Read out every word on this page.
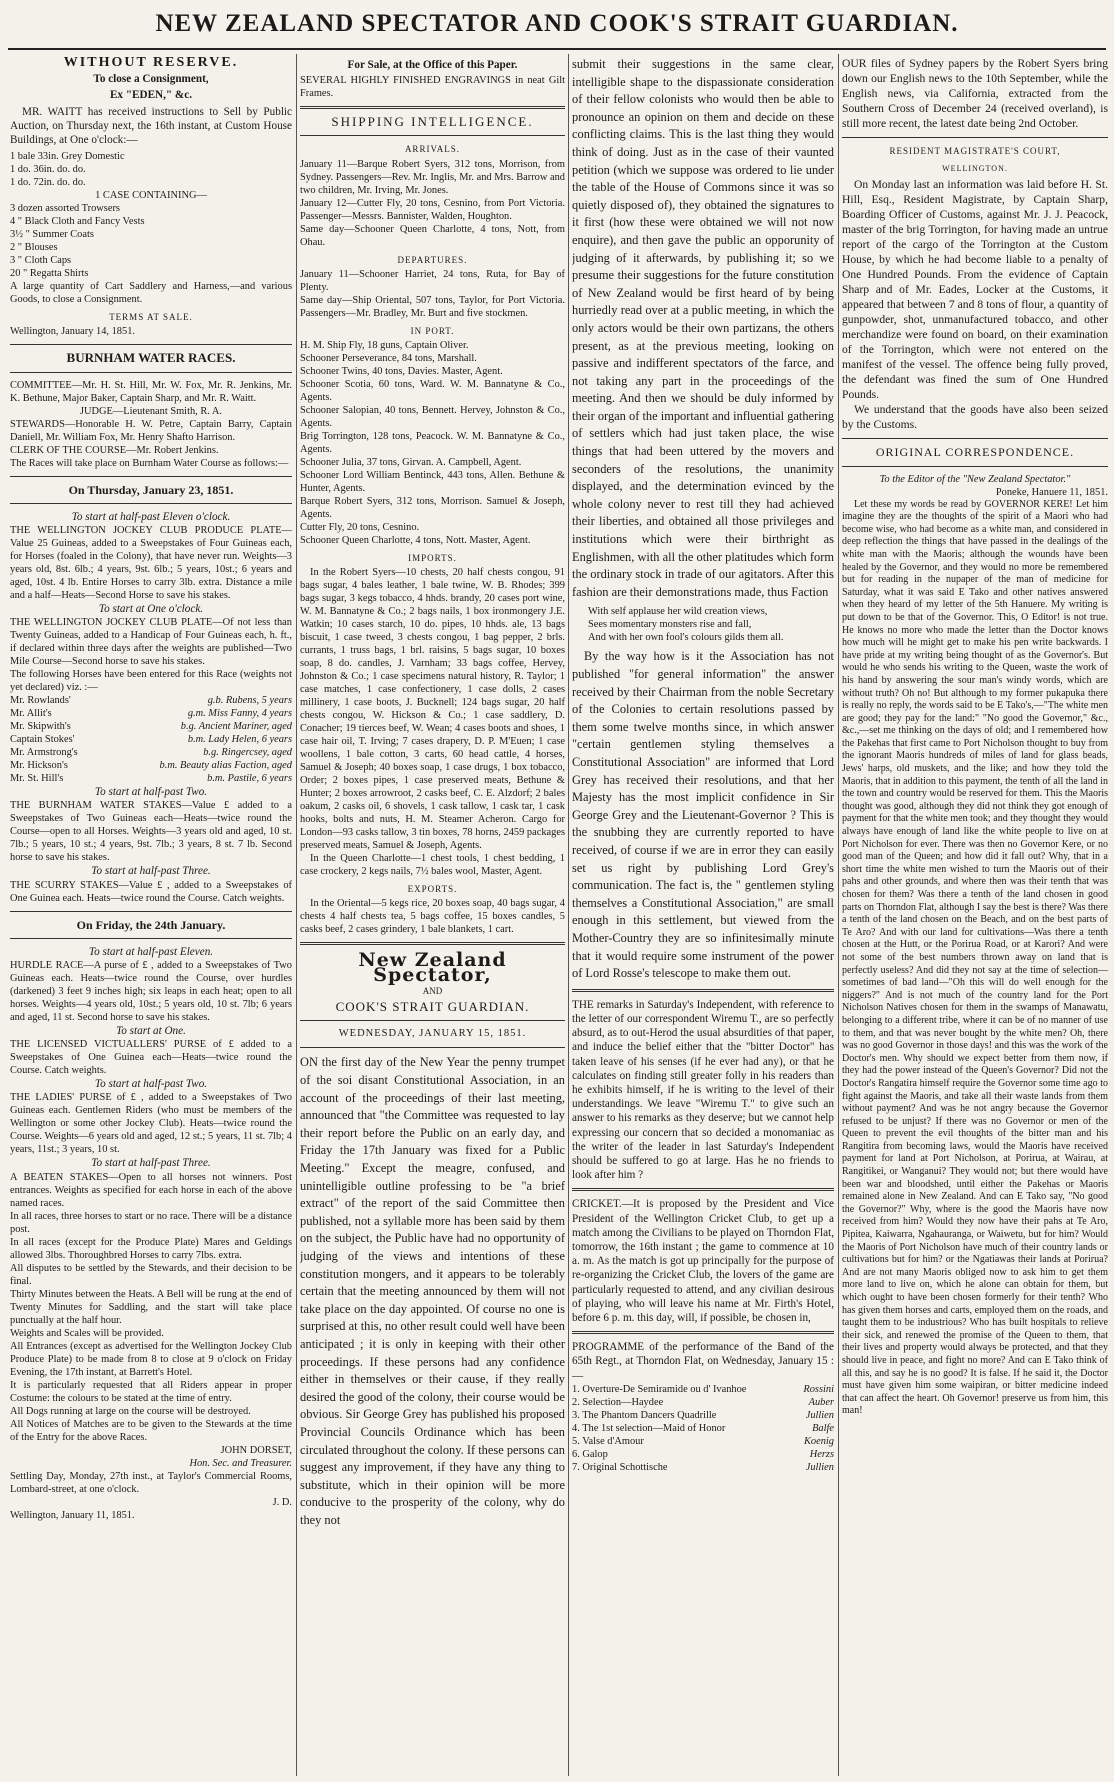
NEW ZEALAND SPECTATOR AND COOK'S STRAIT GUARDIAN.
WITHOUT RESERVE.
To close a Consignment,
Ex "EDEN," &c.

MR. WAITT has received instructions to Sell by Public Auction, on Thursday next, the 16th instant, at Custom House Buildings, at One o'clock:—

1 bale 33in. Grey Domestic
1 do. 36in. do. do.
1 do. 72in. do. do.
1 CASE CONTAINING—
3 dozen assorted Trowsers
4 " Black Cloth and Fancy Vests
3½ " Summer Coats
2 " Blouses
3 " Cloth Caps
20 " Regatta Shirts
A large quantity of Cart Saddlery and Harness,—and various Goods, to close a Consignment.
TERMS AT SALE.
Wellington, January 14, 1851.
BURNHAM WATER RACES.
COMMITTEE—Mr. H. St. Hill, Mr. W. Fox, Mr. R. Jenkins, Mr. K. Bethune, Major Baker, Captain Sharp, and Mr. R. Waitt.
JUDGE—Lieutenant Smith, R. A.
STEWARDS—Honorable H. W. Petre, Captain Barry, Captain Daniell, Mr. William Fox, Mr. Henry Shafto Harrison.
CLERK OF THE COURSE—Mr. Robert Jenkins.
The Races will take place on Burnham Water Course as follows:—
On Thursday, January 23, 1851.
To start at half-past Eleven o'clock.
THE WELLINGTON JOCKEY CLUB PRODUCE PLATE—Value 25 Guineas, added to a Sweepstakes of Four Guineas each, for Horses (foaled in the Colony), that have never run. Weights—3 years old, 8st. 6lb.; 4 years, 9st. 6lb.; 5 years, 10st.; 6 years and aged, 10st. 4 lb. Entire Horses to carry 3lb. extra. Distance a mile and a half—Heats—Second Horse to save his stakes.
To start at One o'clock.
THE WELLINGTON JOCKEY CLUB PLATE—Of not less than Twenty Guineas, added to a Handicap of Four Guineas each, h. ft., if declared within three days after the weights are published—Two Mile Course—Second horse to save his stakes.
The following Horses have been entered for this Race (weights not yet declared) viz. :—
Mr. Rowlands'	g.b. Rubens, 5 years
Mr. Allit's	g.m. Miss Fanny, 4 years
Mr. Skipwith's	b.g. Ancient Mariner, aged
Captain Stokes'	b.m. Lady Helen, 6 years
Mr. Armstrong's	b.g. Ringercsey, aged
Mr. Hickson's	b.m. Beauty alias Faction, aged
Mr. St. Hill's	b.m. Pastile, 6 years
To start at half-past Two.
THE BURNHAM WATER STAKES—Value £ added to a Sweepstakes of Two Guineas each—Heats—twice round the Course—open to all Horses. Weights—3 years old and aged, 10 st. 7lb.; 5 years, 10 st.; 4 years, 9st. 7lb.; 3 years, 8 st. 7 lb. Second horse to save his stakes.
To start at half-past Three.
THE SCURRY STAKES—Value £ , added to a Sweepstakes of One Guinea each. Heats—twice round the Course. Catch weights.
On Friday, the 24th January.
To start at half-past Eleven.
HURDLE RACE—A purse of £ , added to a Sweepstakes of Two Guineas each. Heats—twice round the Course, over hurdles (darkened) 3 feet 9 inches high; six leaps in each heat; open to all horses. Weights—4 years old, 10st.; 5 years old, 10 st. 7lb; 6 years and aged, 11 st. Second horse to save his stakes.
To start at One.
THE LICENSED VICTUALLERS' PURSE of £ added to a Sweepstakes of One Guinea each—Heats—twice round the Course. Catch weights.
To start at half-past Two.
THE LADIES' PURSE of £ , added to a Sweepstakes of Two Guineas each. Gentlemen Riders (who must be members of the Wellington or some other Jockey Club). Heats—twice round the Course. Weights—6 years old and aged, 12 st.; 5 years, 11 st. 7lb; 4 years, 11st.; 3 years, 10 st.
To start at half-past Three.
A BEATEN STAKES—Open to all horses not winners. Post entrances. Weights as specified for each horse in each of the above named races.
In all races, three horses to start or no race. There will be a distance post.
In all races (except for the Produce Plate) Mares and Geldings allowed 3lbs. Thoroughbred Horses to carry 7lbs. extra.
All disputes to be settled by the Stewards, and their decision to be final.
Thirty Minutes between the Heats. A Bell will be rung at the end of Twenty Minutes for Saddling, and the start will take place punctually at the half hour.
Weights and Scales will be provided.
All Entrances (except as advertised for the Wellington Jockey Club Produce Plate) to be made from 8 to close at 9 o'clock on Friday Evening, the 17th instant, at Barrett's Hotel.
It is particularly requested that all Riders appear in proper Costume: the colours to be stated at the time of entry.
All Dogs running at large on the course will be destroyed.
All Notices of Matches are to be given to the Stewards at the time of the Entry for the above Races.
JOHN DORSET,
Hon. Sec. and Treasurer.
Settling Day, Monday, 27th inst., at Taylor's Commercial Rooms, Lombard-street, at one o'clock.
J. D.
Wellington, January 11, 1851.
For Sale, at the Office of this Paper.
SEVERAL HIGHLY FINISHED ENGRAVINGS in neat Gilt Frames.
SHIPPING INTELLIGENCE.
ARRIVALS.
January 11—Barque Robert Syers, 312 tons, Morrison, from Sydney. Passengers—Rev. Mr. Inglis, Mr. and Mrs. Barrow and two children, Mr. Irving, Mr. Jones.
January 12—Cutter Fly, 20 tons, Cesnino, from Port Victoria. Passenger—Messrs. Bannister, Walden, Houghton.
Same day—Schooner Queen Charlotte, 4 tons, Nott, from Ohau.
DEPARTURES.
January 11—Schooner Harriet, 24 tons, Ruta, for Bay of Plenty.
Same day—Ship Oriental, 507 tons, Taylor, for Port Victoria. Passengers—Mr. Bradley, Mr. Burt and five stockmen.
IN PORT.
H. M. Ship Fly, 18 guns, Captain Oliver.
Schooner Perseverance, 84 tons, Marshall.
Schooner Twins, 40 tons, Davies. Master, Agent.
Schooner Scotia, 60 tons, Ward. W. M. Bannatyne & Co., Agents.
Schooner Salopian, 40 tons, Bennett. Hervey, Johnston & Co., Agents.
Brig Torrington, 128 tons, Peacock. W. M. Bannatyne & Co., Agents.
Schooner Julia, 37 tons, Girvan. A. Campbell, Agent.
Schooner Lord William Bentinck, 443 tons, Allen. Bethune & Hunter, Agents.
Barque Robert Syers, 312 tons, Morrison. Samuel & Joseph, Agents.
Cutter Fly, 20 tons, Cesnino.
Schooner Queen Charlotte, 4 tons, Nott. Master, Agent.
IMPORTS.
In the Robert Syers—10 chests, 20 half chests congou, 91 bags sugar, 4 bales leather, 1 bale twine, W. B. Rhodes; 399 bags sugar, 3 kegs tobacco, 4 hhds. brandy, 20 cases port wine, W. M. Bannatyne & Co.; 2 bags nails, 1 box ironmongery J.E. Watkin; 10 cases starch, 10 do. pipes, 10 hhds. ale, 13 bags biscuit, 1 case tweed, 3 chests congou, 1 bag pepper, 2 brls. currants, 1 truss bags, 1 brl. raisins, 5 bags sugar, 10 boxes soap, 8 do. candles, J. Varnham; 33 bags coffee, Hervey, Johnston & Co.; 1 case specimens natural history, R. Taylor; 1 case matches, 1 case confectionery, 1 case dolls, 2 cases millinery, 1 case boots, J. Bucknell; 124 bags sugar, 20 half chests congou, W. Hickson & Co.; 1 case saddlery, D. Conacher; 19 tierces beef, W. Wean; 4 cases boots and shoes, 1 case hair oil, T. Irving; 7 cases drapery, D. P. M'Euen; 1 case woollens, 1 bale cotton, 3 carts, 60 head cattle, 4 horses, Samuel & Joseph; 40 boxes soap, 1 case drugs, 1 box tobacco, Order; 2 boxes pipes, 1 case preserved meats, Bethune & Hunter; 2 boxes arrowroot, 2 casks beef, C. E. Alzdorf; 2 bales oakum, 2 casks oil, 6 shovels, 1 cask tallow, 1 cask tar, 1 cask hooks, bolts and nuts, H. M. Steamer Acheron. Cargo for London—93 casks tallow, 3 tin boxes, 78 horns, 2459 packages preserved meats, Samuel & Joseph, Agents.
In the Queen Charlotte—1 chest tools, 1 chest bedding, 1 case crockery, 2 kegs nails, 7½ bales wool, Master, Agent.
EXPORTS.
In the Oriental—5 kegs rice, 20 boxes soap, 40 bags sugar, 4 chests 4 half chests tea, 5 bags coffee, 15 boxes candles, 5 casks beef, 2 cases grindery, 1 bale blankets, 1 cart.
New Zealand Spectator,
AND
COOK'S STRAIT GUARDIAN.
WEDNESDAY, JANUARY 15, 1851.
ON the first day of the New Year the penny trumpet of the soi disant Constitutional Association, in an account of the proceedings of their last meeting, announced that "the Committee was requested to lay their report before the Public on an early day, and Friday the 17th January was fixed for a Public Meeting." Except the meagre, confused, and unintelligible outline professing to be "a brief extract" of the report of the said Committee then published, not a syllable more has been said by them on the subject, the Public have had no opportunity of judging of the views and intentions of these constitution mongers, and it appears to be tolerably certain that the meeting announced by them will not take place on the day appointed. Of course no one is surprised at this, no other result could well have been anticipated ; it is only in keeping with their other proceedings. If these persons had any confidence either in themselves or their cause, if they really desired the good of the colony, their course would be obvious. Sir George Grey has published his proposed Provincial Councils Ordinance which has been circulated throughout the colony. If these persons can suggest any improvement, if they have any thing to substitute, which in their opinion will be more conducive to the prosperity of the colony, why do they not
submit their suggestions in the same clear, intelligible shape to the dispassionate consideration of their fellow colonists who would then be able to pronounce an opinion on them and decide on these conflicting claims. This is the last thing they would think of doing. Just as in the case of their vaunted petition (which we suppose was ordered to lie under the table of the House of Commons since it was so quietly disposed of), they obtained the signatures to it first (how these were obtained we will not now enquire), and then gave the public an opporunity of judging of it afterwards, by publishing it; so we presume their suggestions for the future constitution of New Zealand would be first heard of by being hurriedly read over at a public meeting, in which the only actors would be their own partizans, the others present, as at the previous meeting, looking on passive and indifferent spectators of the farce, and not taking any part in the proceedings of the meeting. And then we should be duly informed by their organ of the important and influential gathering of settlers which had just taken place, the wise things that had been uttered by the movers and seconders of the resolutions, the unanimity displayed, and the determination evinced by the whole colony never to rest till they had achieved their liberties, and obtained all those privileges and institutions which were their birthright as Englishmen, with all the other platitudes which form the ordinary stock in trade of our agitators. After this fashion are their demonstrations made, thus Faction
With self applause her wild creation views,
Sees momentary monsters rise and fall,
And with her own fool's colours gilds them all.
By the way how is it the Association has not published "for general information" the answer received by their Chairman from the noble Secretary of the Colonies to certain resolutions passed by them some twelve months since, in which answer "certain gentlemen styling themselves a Constitutional Association" are informed that Lord Grey has received their resolutions, and that her Majesty has the most implicit confidence in Sir George Grey and the Lieutenant-Governor ? This is the snubbing they are currently reported to have received, of course if we are in error they can easily set us right by publishing Lord Grey's communication. The fact is, the " gentlemen styling themselves a Constitutional Association," are small enough in this settlement, but viewed from the Mother-Country they are so infinitesimally minute that it would require some instrument of the power of Lord Rosse's telescope to make them out.
THE remarks in Saturday's Independent, with reference to the letter of our correspondent Wiremu T., are so perfectly absurd, as to out-Herod the usual absurdities of that paper, and induce the belief either that the "bitter Doctor" has taken leave of his senses (if he ever had any), or that he calculates on finding still greater folly in his readers than he exhibits himself, if he is writing to the level of their understandings. We leave "Wiremu T." to give such an answer to his remarks as they deserve; but we cannot help expressing our concern that so decided a monomaniac as the writer of the leader in last Saturday's Independent should be suffered to go at large. Has he no friends to look after him ?
CRICKET.—It is proposed by the President and Vice President of the Wellington Cricket Club, to get up a match among the Civilians to be played on Thorndon Flat, tomorrow, the 16th instant ; the game to commence at 10 a. m. As the match is got up principally for the purpose of re-organizing the Cricket Club, the lovers of the game are particularly requested to attend, and any civilian desirous of playing, who will leave his name at Mr. Firth's Hotel, before 6 p. m. this day, will, if possible, be chosen in,
PROGRAMME of the performance of the Band of the 65th Regt., at Thorndon Flat, on Wednesday, January 15 :—
1. Overture-De Semiramide ou d' Ivanhoe	Rossini
2. Selection—Haydee	Auber
3. The Phantom Dancers Quadrille	Jullien
4. The 1st selection—Maid of Honor	Balfe
5. Valse d'Amour	Koenig
6. Galop	Herzs
7. Original Schottische	Jullien
OUR files of Sydney papers by the Robert Syers bring down our English news to the 10th September, while the English news, via California, extracted from the Southern Cross of December 24 (received overland), is still more recent, the latest date being 2nd October.
RESIDENT MAGISTRATE'S COURT,
WELLINGTON.
On Monday last an information was laid before H. St. Hill, Esq., Resident Magistrate, by Captain Sharp, Boarding Officer of Customs, against Mr. J. J. Peacock, master of the brig Torrington, for having made an untrue report of the cargo of the Torrington at the Custom House, by which he had become liable to a penalty of One Hundred Pounds. From the evidence of Captain Sharp and of Mr. Eades, Locker at the Customs, it appeared that between 7 and 8 tons of flour, a quantity of gunpowder, shot, unmanufactured tobacco, and other merchandize were found on board, on their examination of the Torrington, which were not entered on the manifest of the vessel. The offence being fully proved, the defendant was fined the sum of One Hundred Pounds.
We understand that the goods have also been seized by the Customs.
ORIGINAL CORRESPONDENCE.
To the Editor of the "New Zealand Spectator."
Poneke, Hanuere 11, 1851.
Let these my words be read by GOVERNOR KERE! Let him imagine they are the thoughts of the spirit of a Maori who had become wise, who had become as a white man, and considered in deep reflection the things that have passed in the dealings of the white man with the Maoris; although the wounds have been healed by the Governor, and they would no more be remembered but for reading in the nupaper of the man of medicine for Saturday, what it was said E Tako and other natives answered when they heard of my letter of the 5th Hanuere. My writing is put down to be that of the Governor. This, O Editor! is not true. He knows no more who made the letter than the Doctor knows how much will he might get to make his pen write backwards. I have pride at my writing being thought of as the Governor's. But would he who sends his writing to the Queen, waste the work of his hand by answering the sour man's windy words, which are without truth? Oh no! But although to my former pukapuka there is really no reply, the words said to be E Tako's,—"The white men are good; they pay for the land:" "No good the Governor," &c., &c.,—set me thinking on the days of old; and I remembered how the Pakehas that first came to Port Nicholson thought to buy from the ignorant Maoris hundreds of miles of land for glass beads, Jews' harps, old muskets, and the like; and how they told the Maoris, that in addition to this payment, the tenth of all the land in the town and country would be reserved for them. This the Maoris thought was good, although they did not think they got enough of payment for that the white men took; and they thought they would always have enough of land like the white people to live on at Port Nicholson for ever. There was then no Governor Kere, or no good man of the Queen; and how did it fall out? Why, that in a short time the white men wished to turn the Maoris out of their pahs and other grounds, and where then was their tenth that was chosen for them? Was there a tenth of the land chosen in good parts on Thorndon Flat, although I say the best is there? Was there a tenth of the land chosen on the Beach, and on the best parts of Te Aro? And with our land for cultivations—Was there a tenth chosen at the Hutt, or the Porirua Road, or at Karori? And were not some of the best numbers thrown away on land that is perfectly useless? And did they not say at the time of selection—sometimes of bad land—"Oh this will do well enough for the niggers?" And is not much of the country land for the Port Nicholson Natives chosen for them in the swamps of Manawatu, belonging to a different tribe, where it can be of no manner of use to them, and that was never bought by the white men? Oh, there was no good Governor in those days! and this was the work of the Doctor's men. Why should we expect better from them now, if they had the power instead of the Queen's Governor? Did not the Doctor's Rangatira himself require the Governor some time ago to fight against the Maoris, and take all their waste lands from them without payment? And was he not angry because the Governor refused to be unjust? If there was no Governor or men of the Queen to prevent the evil thoughts of the bitter man and his Rangitira from becoming laws, would the Maoris have received payment for land at Port Nicholson, at Porirua, at Wairau, at Rangitikei, or Wanganui? They would not; but there would have been war and bloodshed, until either the Pakehas or Maoris remained alone in New Zealand. And can E Tako say, "No good the Governor?" Why, where is the good the Maoris have now received from him? Would they now have their pahs at Te Aro, Pipitea, Kaiwarra, Ngahauranga, or Waiwetu, but for him? Would the Maoris of Port Nicholson have much of their country lands or cultivations but for him? or the Ngatiawas their lands at Porirua? And are not many Maoris obliged now to ask him to get them more land to live on, which he alone can obtain for them, but which ought to have been chosen formerly for their tenth? Who has given them horses and carts, employed them on the roads, and taught them to be industrious? Who has built hospitals to relieve their sick, and renewed the promise of the Queen to them, that their lives and property would always be protected, and that they should live in peace, and fight no more? And can E Tako think of all this, and say he is no good? It is false. If he said it, the Doctor must have given him some waipiran, or bitter medicine indeed that can affect the heart. Oh Governor! preserve us from him, this man!
